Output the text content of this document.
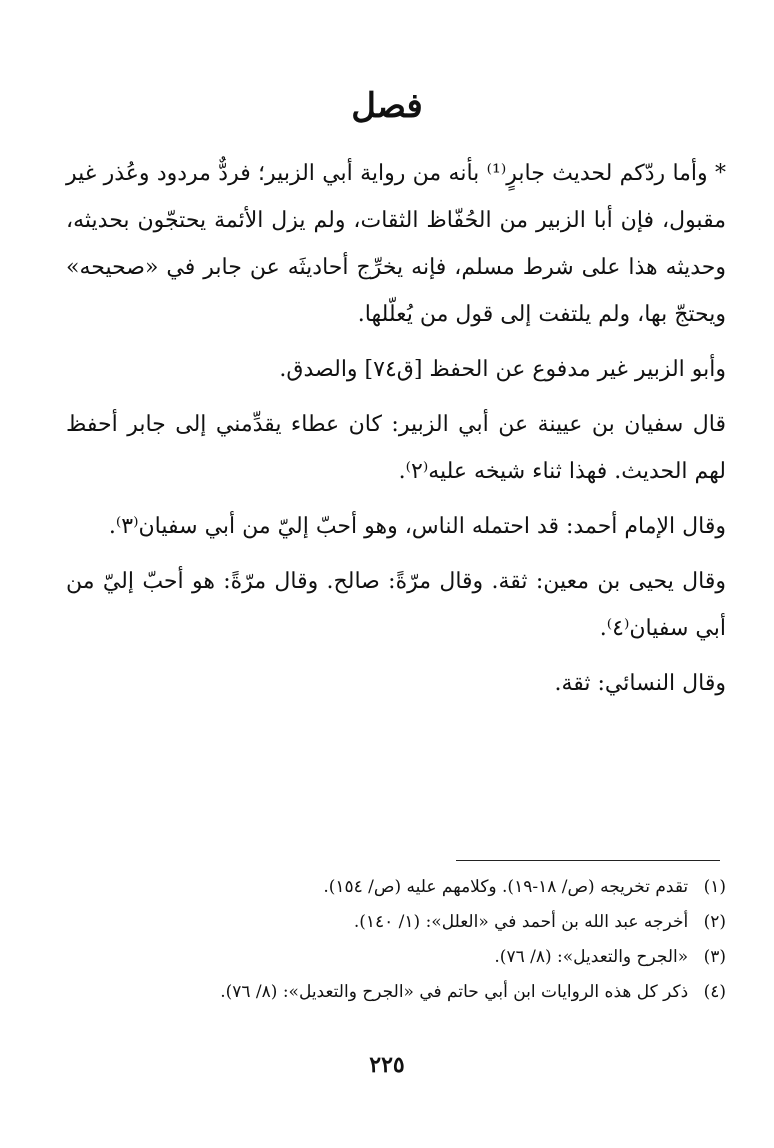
فصل

* وأما ردّكم لحديث جابرٍ⁽¹⁾ بأنه من رواية أبي الزبير؛ فردٌّ مردود وعُذر غير مقبول، فإن أبا الزبير من الحُفّاظ الثقات، ولم يزل الأئمة يحتجّون بحديثه، وحديثه هذا على شرط مسلم، فإنه يخرِّج أحاديثَه عن جابر في «صحيحه» ويحتجّ بها، ولم يلتفت إلى قول من يُعلّلها.

وأبو الزبير غير مدفوع عن الحفظ [ق٧٤] والصدق.

قال سفيان بن عيينة عن أبي الزبير: كان عطاء يقدِّمني إلى جابر أحفظ لهم الحديث. فهذا ثناء شيخه عليه⁽٢⁾.

وقال الإمام أحمد: قد احتمله الناس، وهو أحبّ إليّ من أبي سفيان⁽٣⁾.

وقال يحيى بن معين: ثقة. وقال مرّةً: صالح. وقال مرّةً: هو أحبّ إليّ من أبي سفيان⁽٤⁾.

وقال النسائي: ثقة.

(١) تقدم تخريجه (ص/ ١٨-١٩). وكلامهم عليه (ص/ ١٥٤).
(٢) أخرجه عبد الله بن أحمد في «العلل»: (١/ ١٤٠).
(٣) «الجرح والتعديل»: (٨/ ٧٦).
(٤) ذكر كل هذه الروايات ابن أبي حاتم في «الجرح والتعديل»: (٨/ ٧٦).
٢٢٥
